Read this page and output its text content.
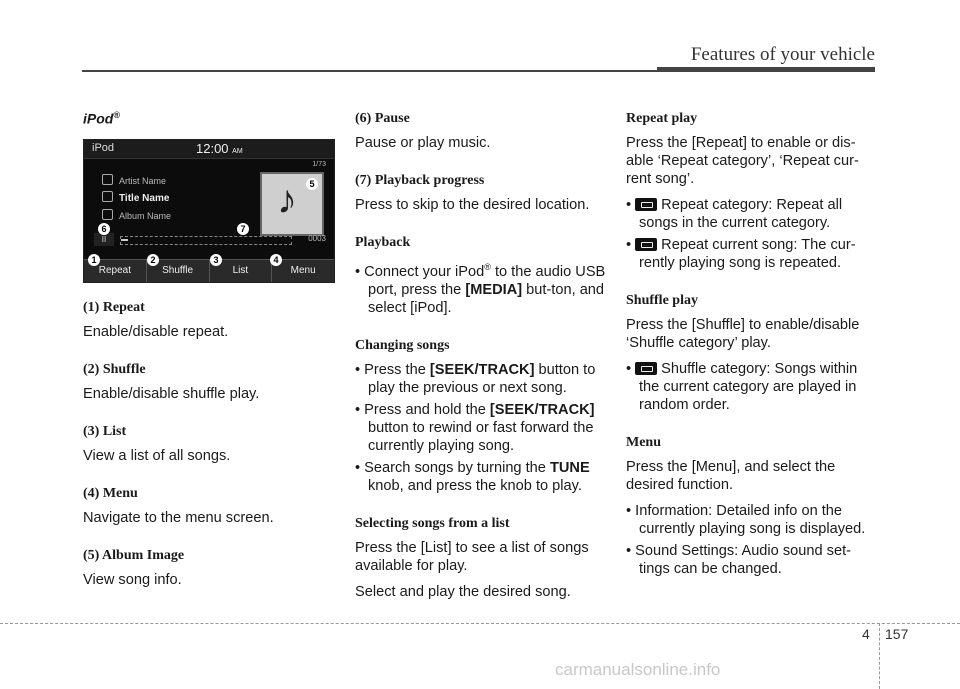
Features of your vehicle
iPod®
iPod	12:00 AM
1/73
Artist Name
Title Name
Album Name	♪
II	0003
Repeat	Shuffle	List	Menu
1	2	3	4
5
6	7
(1) Repeat
Enable/disable repeat.
(2) Shuffle
Enable/disable shuffle play.
(3) List
View a list of all songs.
(4) Menu
Navigate to the menu screen.
(5) Album Image
View song info.
(6) Pause
Pause or play music.
(7) Playback progress
Press to skip to the desired location.
Playback
• Connect your iPod® to the audio USB port, press the [MEDIA] but-ton, and select [iPod].
Changing songs
• Press the [SEEK/TRACK] button to play the previous or next song.
• Press and hold the [SEEK/TRACK] button to rewind or fast forward the currently playing song.
• Search songs by turning the TUNE knob, and press the knob to play.
Selecting songs from a list
Press the [List] to see a list of songs available for play.
Select and play the desired song.
Repeat play
Press the [Repeat] to enable or dis-able ‘Repeat category’, ‘Repeat cur-rent song’.
• Repeat category: Repeat all songs in the current category.
• Repeat current song: The cur-rently playing song is repeated.
Shuffle play
Press the [Shuffle] to enable/disable ‘Shuffle category’ play.
• Shuffle category: Songs within the current category are played in random order.
Menu
Press the [Menu], and select the desired function.
• Information: Detailed info on the currently playing song is displayed.
• Sound Settings: Audio sound set-tings can be changed.
4 157
carmanualsonline.info
